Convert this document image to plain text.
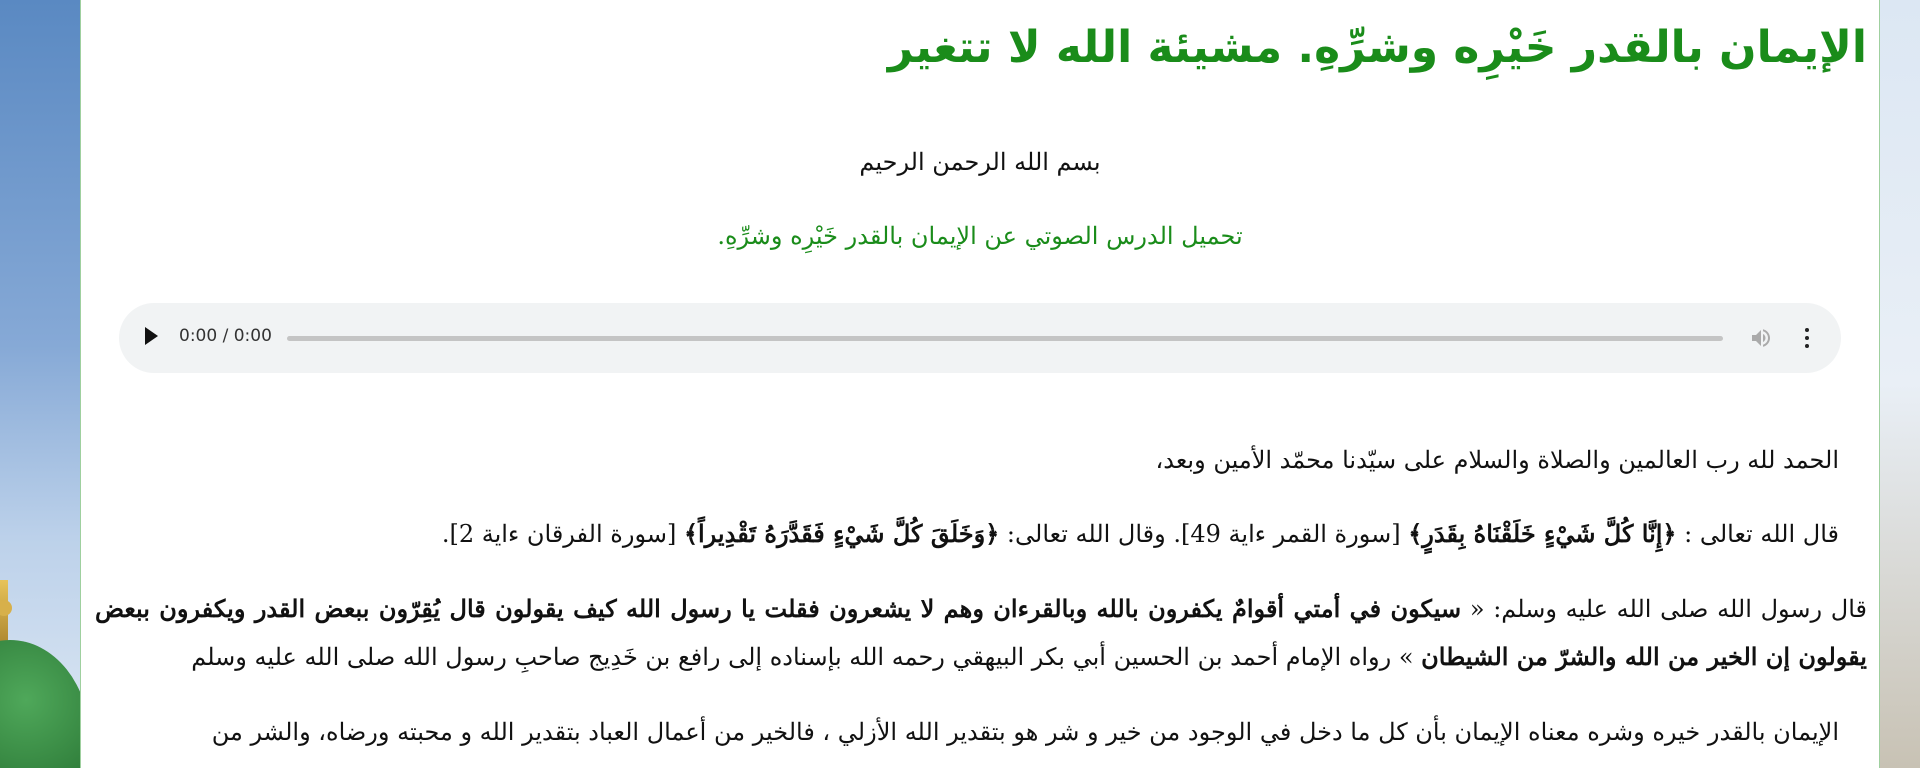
الإيمان بالقدر خَيْرِه وشرِّهِ. مشيئة الله لا تتغير
بسم الله الرحمن الرحيم
تحميل الدرس الصوتي عن الإيمان بالقدر خَيْرِه وشرِّهِ.
0:00 / 0:00

الحمد لله رب العالمين والصلاة والسلام على سيّدنا محمّد الأمين وبعد،

قال الله تعالى : ﴿إِنَّا كُلَّ شَيْءٍ خَلَقْنَاهُ بِقَدَرٍ﴾ [سورة القمر ءاية 49]. وقال الله تعالى: ﴿وَخَلَقَ كُلَّ شَيْءٍ فَقَدَّرَهُ تَقْدِيراً﴾ [سورة الفرقان ءاية 2].

قال رسول الله صلى الله عليه وسلم: « سيكون في أمتي أقوامٌ يكفرون بالله وبالقرءان وهم لا يشعرون فقلت يا رسول الله كيف يقولون قال يُقِرّون ببعض القدر ويكفرون ببعض يقولون إن الخير من الله والشرّ من الشيطان » رواه الإمام أحمد بن الحسين أبي بكر البيهقي رحمه الله بإسناده إلى رافع بن خَدِيج صاحبِ رسول الله صلى الله عليه وسلم

الإيمان بالقدر خيره وشره معناه الإيمان بأن كل ما دخل في الوجود من خير و شر هو بتقدير الله الأزلي ، فالخير من أعمال العباد بتقدير الله و محبته ورضاه، والشر من
